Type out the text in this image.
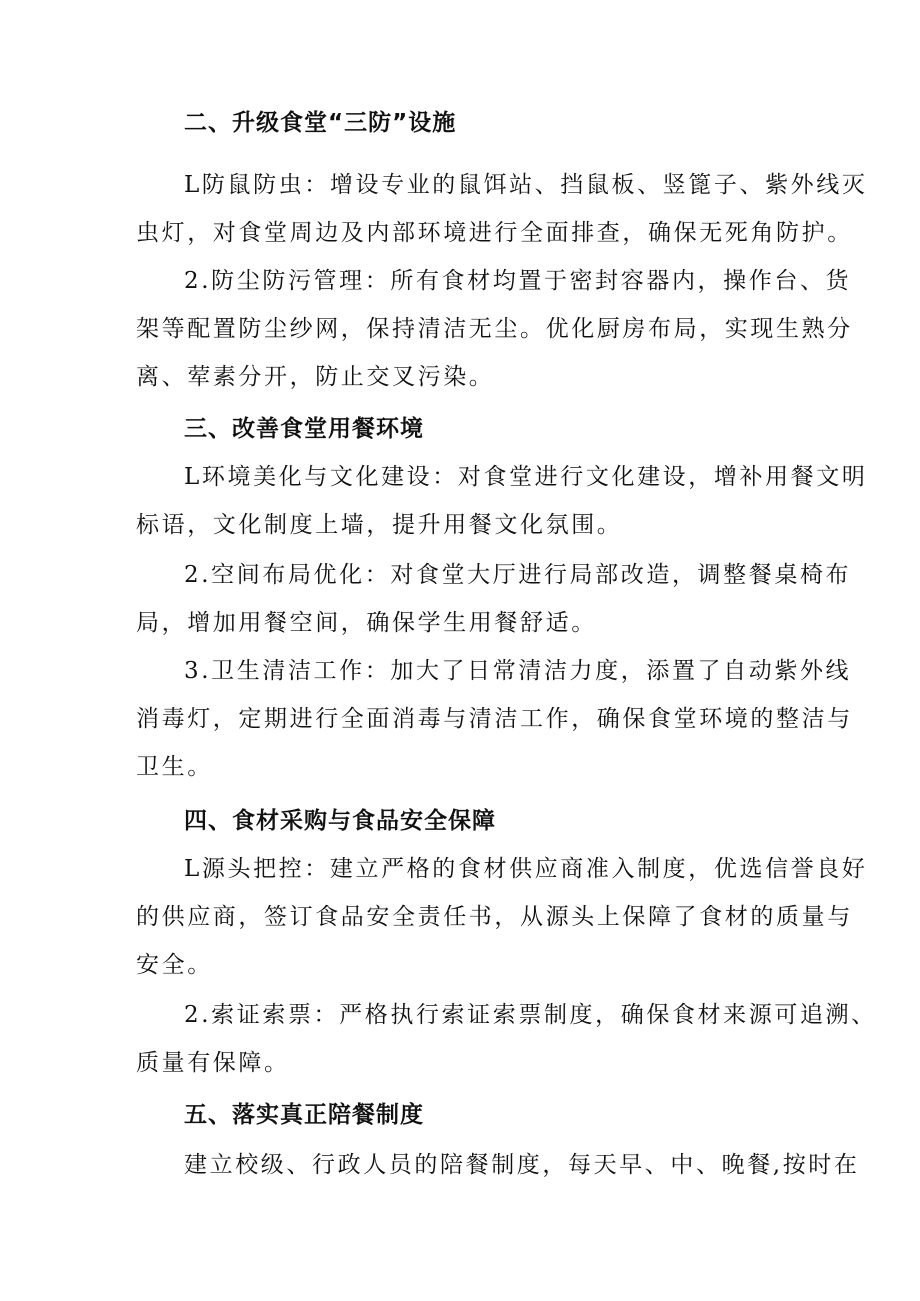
二、升级食堂“三防”设施
L防鼠防虫：增设专业的鼠饵站、挡鼠板、竖篦子、紫外线灭
虫灯，对食堂周边及内部环境进行全面排查，确保无死角防护。
2.防尘防污管理：所有食材均置于密封容器内，操作台、货
架等配置防尘纱网，保持清洁无尘。优化厨房布局，实现生熟分
离、荤素分开，防止交叉污染。
三、改善食堂用餐环境
L环境美化与文化建设：对食堂进行文化建设，增补用餐文明
标语，文化制度上墙，提升用餐文化氛围。
2.空间布局优化：对食堂大厅进行局部改造，调整餐桌椅布
局，增加用餐空间，确保学生用餐舒适。
3.卫生清洁工作：加大了日常清洁力度，添置了自动紫外线
消毒灯，定期进行全面消毒与清洁工作，确保食堂环境的整洁与
卫生。
四、食材采购与食品安全保障
L源头把控：建立严格的食材供应商准入制度，优选信誉良好
的供应商，签订食品安全责任书，从源头上保障了食材的质量与
安全。
2.索证索票：严格执行索证索票制度，确保食材来源可追溯、
质量有保障。
五、落实真正陪餐制度
建立校级、行政人员的陪餐制度，每天早、中、晚餐,按时在
